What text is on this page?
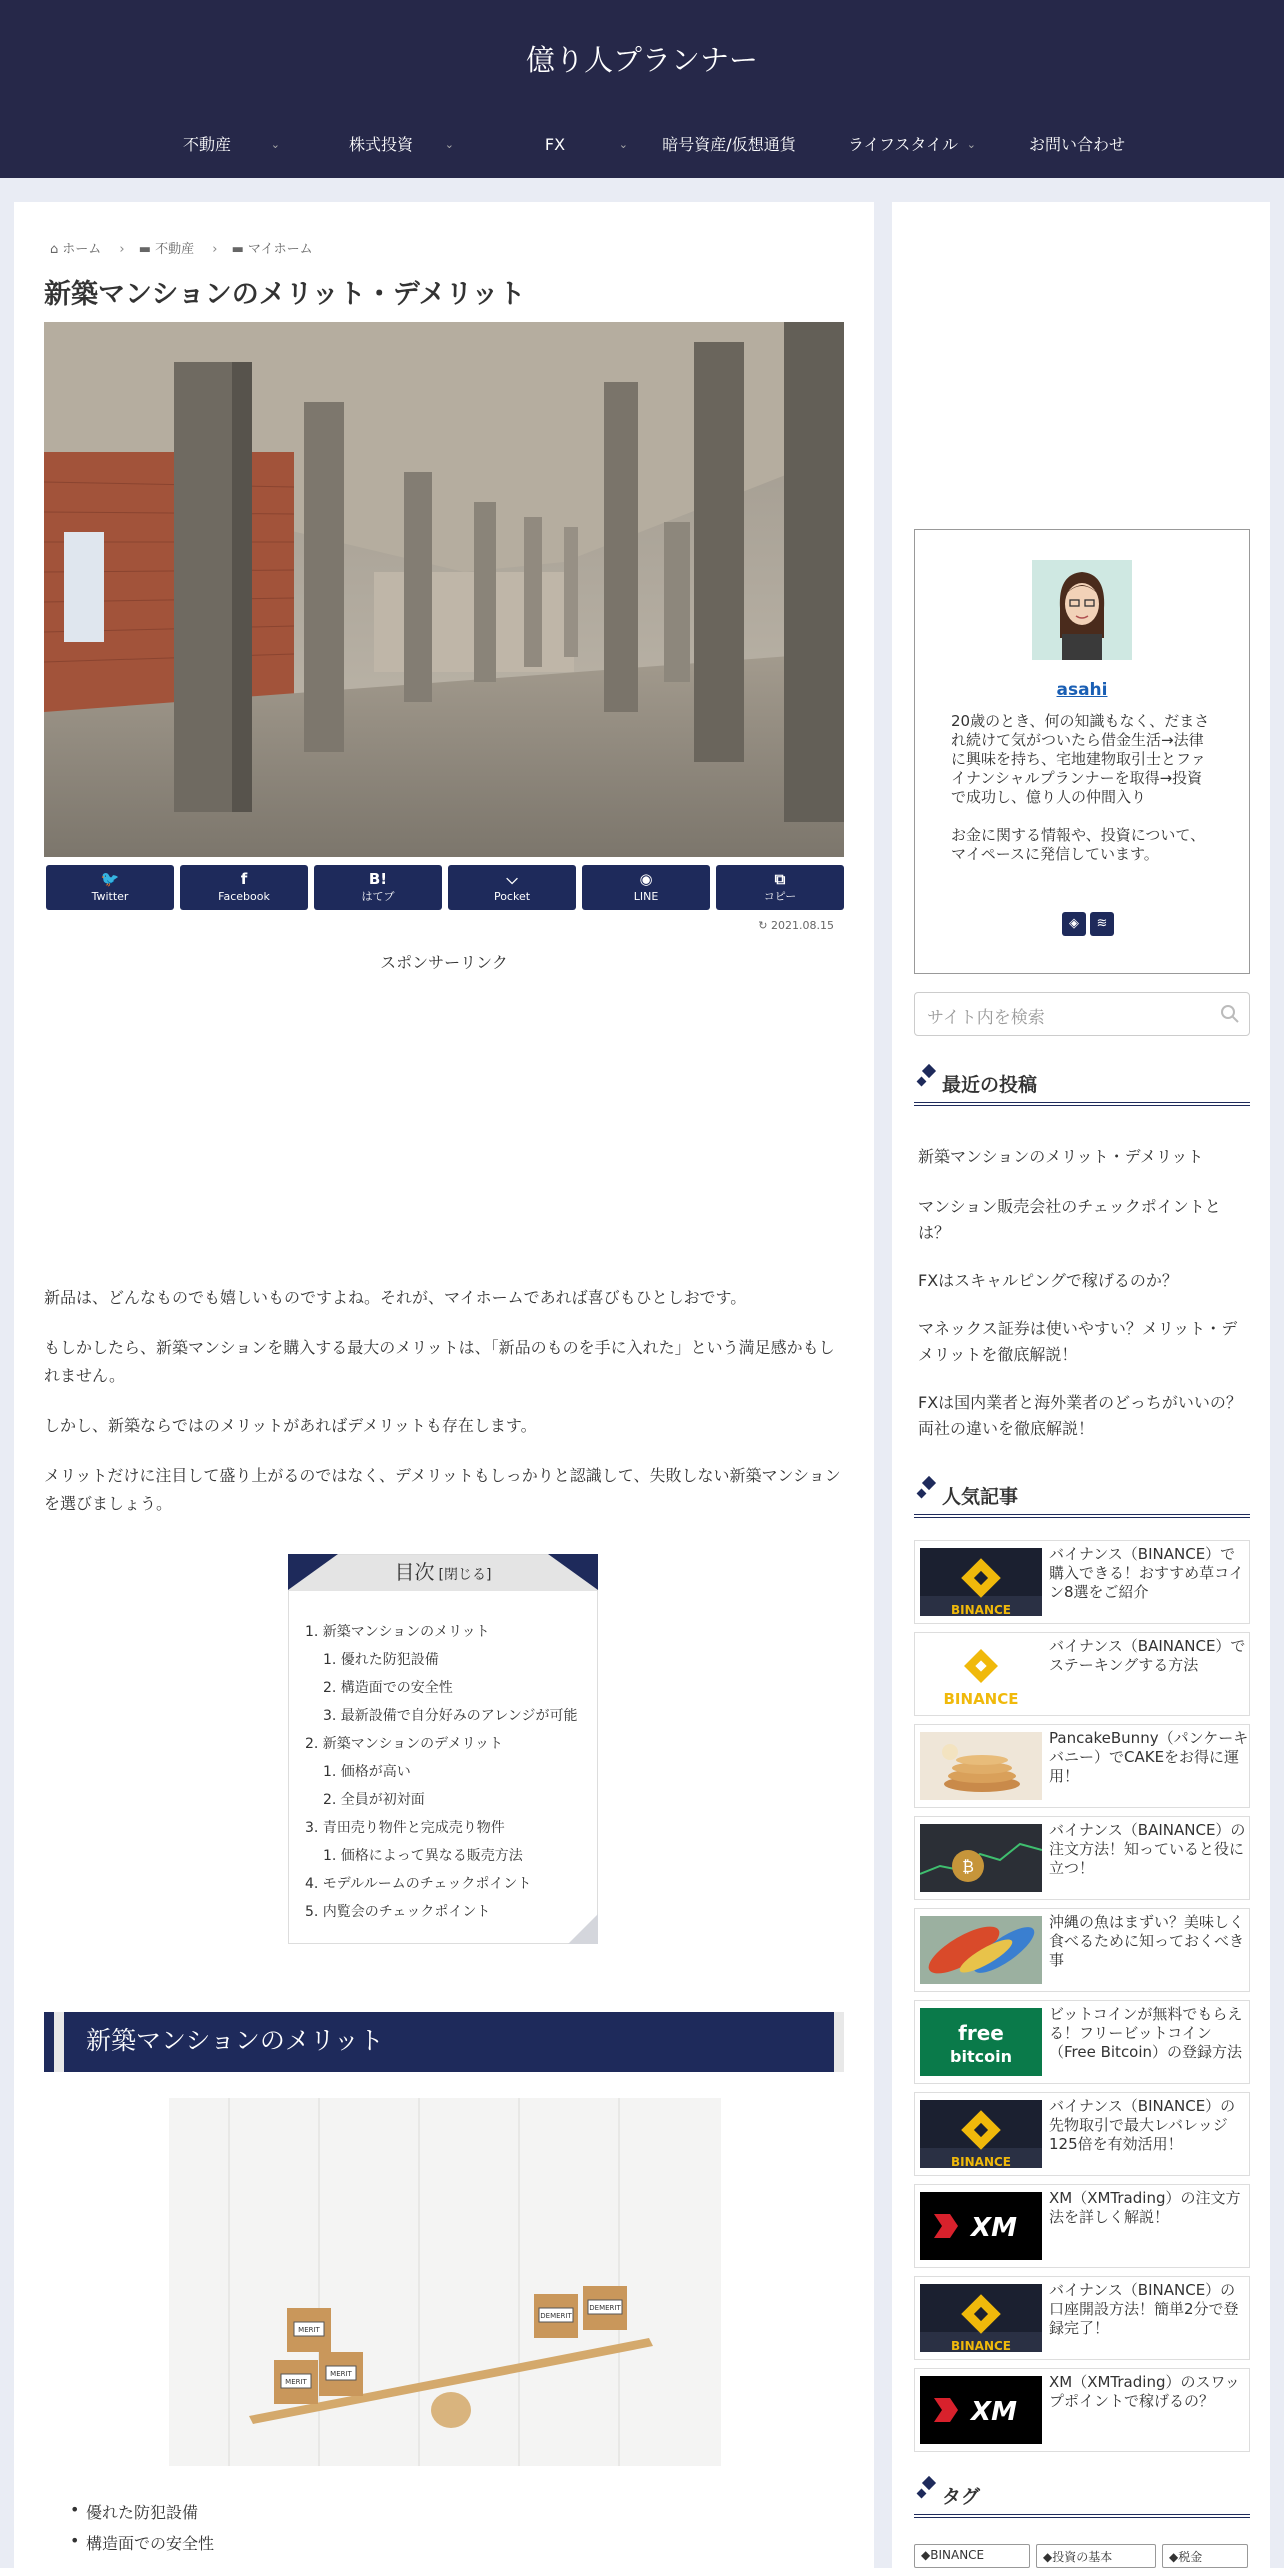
億り人プランナー
不動産	⌄	株式投資	⌄	FX	⌄	暗号資産/仮想通貨	ライフスタイル ⌄	お問い合わせ
⌂ ホーム › ▬ 不動産 › ▬ マイホーム
新築マンションのメリット・デメリット
🐦
Twitter
f
Facebook
B!
はてブ
⌵
Pocket
◉
LINE
⧉
コピー
↻ 2021.08.15
スポンサーリンク

新品は、どんなものでも嬉しいものですよね。それが、マイホームであれば喜びもひとしおです。

もしかしたら、新築マンションを購入する最大のメリットは、「新品のものを手に入れた」という満足感かもしれません。

しかし、新築ならではのメリットがあればデメリットも存在します。

メリットだけに注目して盛り上がるのではなく、デメリットもしっかりと認識して、失敗しない新築マンションを選びましょう。

目次 [閉じる]
1. 新築マンションのメリット
1. 優れた防犯設備
2. 構造面での安全性
3. 最新設備で自分好みのアレンジが可能
2. 新築マンションのデメリット
1. 価格が高い
2. 全員が初対面
3. 青田売り物件と完成売り物件
1. 価格によって異なる販売方法
4. モデルルームのチェックポイント
5. 内覧会のチェックポイント
新築マンションのメリット
MERIT
MERIT
MERIT
DEMERIT
DEMERIT
• 優れた防犯設備
• 構造面での安全性
asahi

20歳のとき、何の知識もなく、だまされ続けて気がついたら借金生活→法律に興味を持ち、宅地建物取引士とファイナンシャルプランナーを取得→投資で成功し、億り人の仲間入り

お金に関する情報や、投資について、マイペースに発信しています。

◈	≋
サイト内を検索
最近の投稿
新築マンションのメリット・デメリット
マンション販売会社のチェックポイントとは？
FXはスキャルピングで稼げるのか？
マネックス証券は使いやすい？メリット・デメリットを徹底解説！
FXは国内業者と海外業者のどっちがいいの？両社の違いを徹底解説！
人気記事
BINANCE
バイナンス（BINANCE）で購入できる！おすすめ草コイン8選をご紹介
BINANCE
バイナンス（BAINANCE）でステーキングする方法
PancakeBunny（パンケーキバニー）でCAKEをお得に運用！
₿
バイナンス（BAINANCE）の注文方法！知っていると役に立つ！
沖縄の魚はまずい？美味しく食べるために知っておくべき事
free
bitcoin
ビットコインが無料でもらえる！フリービットコイン（Free Bitcoin）の登録方法
BINANCE
バイナンス（BINANCE）の先物取引で最大レバレッジ125倍を有効活用！
XM
XM（XMTrading）の注文方法を詳しく解説！
BINANCE
バイナンス（BINANCE）の口座開設方法！簡単2分で登録完了！
XM
XM（XMTrading）のスワップポイントで稼げるの？
タグ
◆BINANCE	◆投資の基本	◆税金
